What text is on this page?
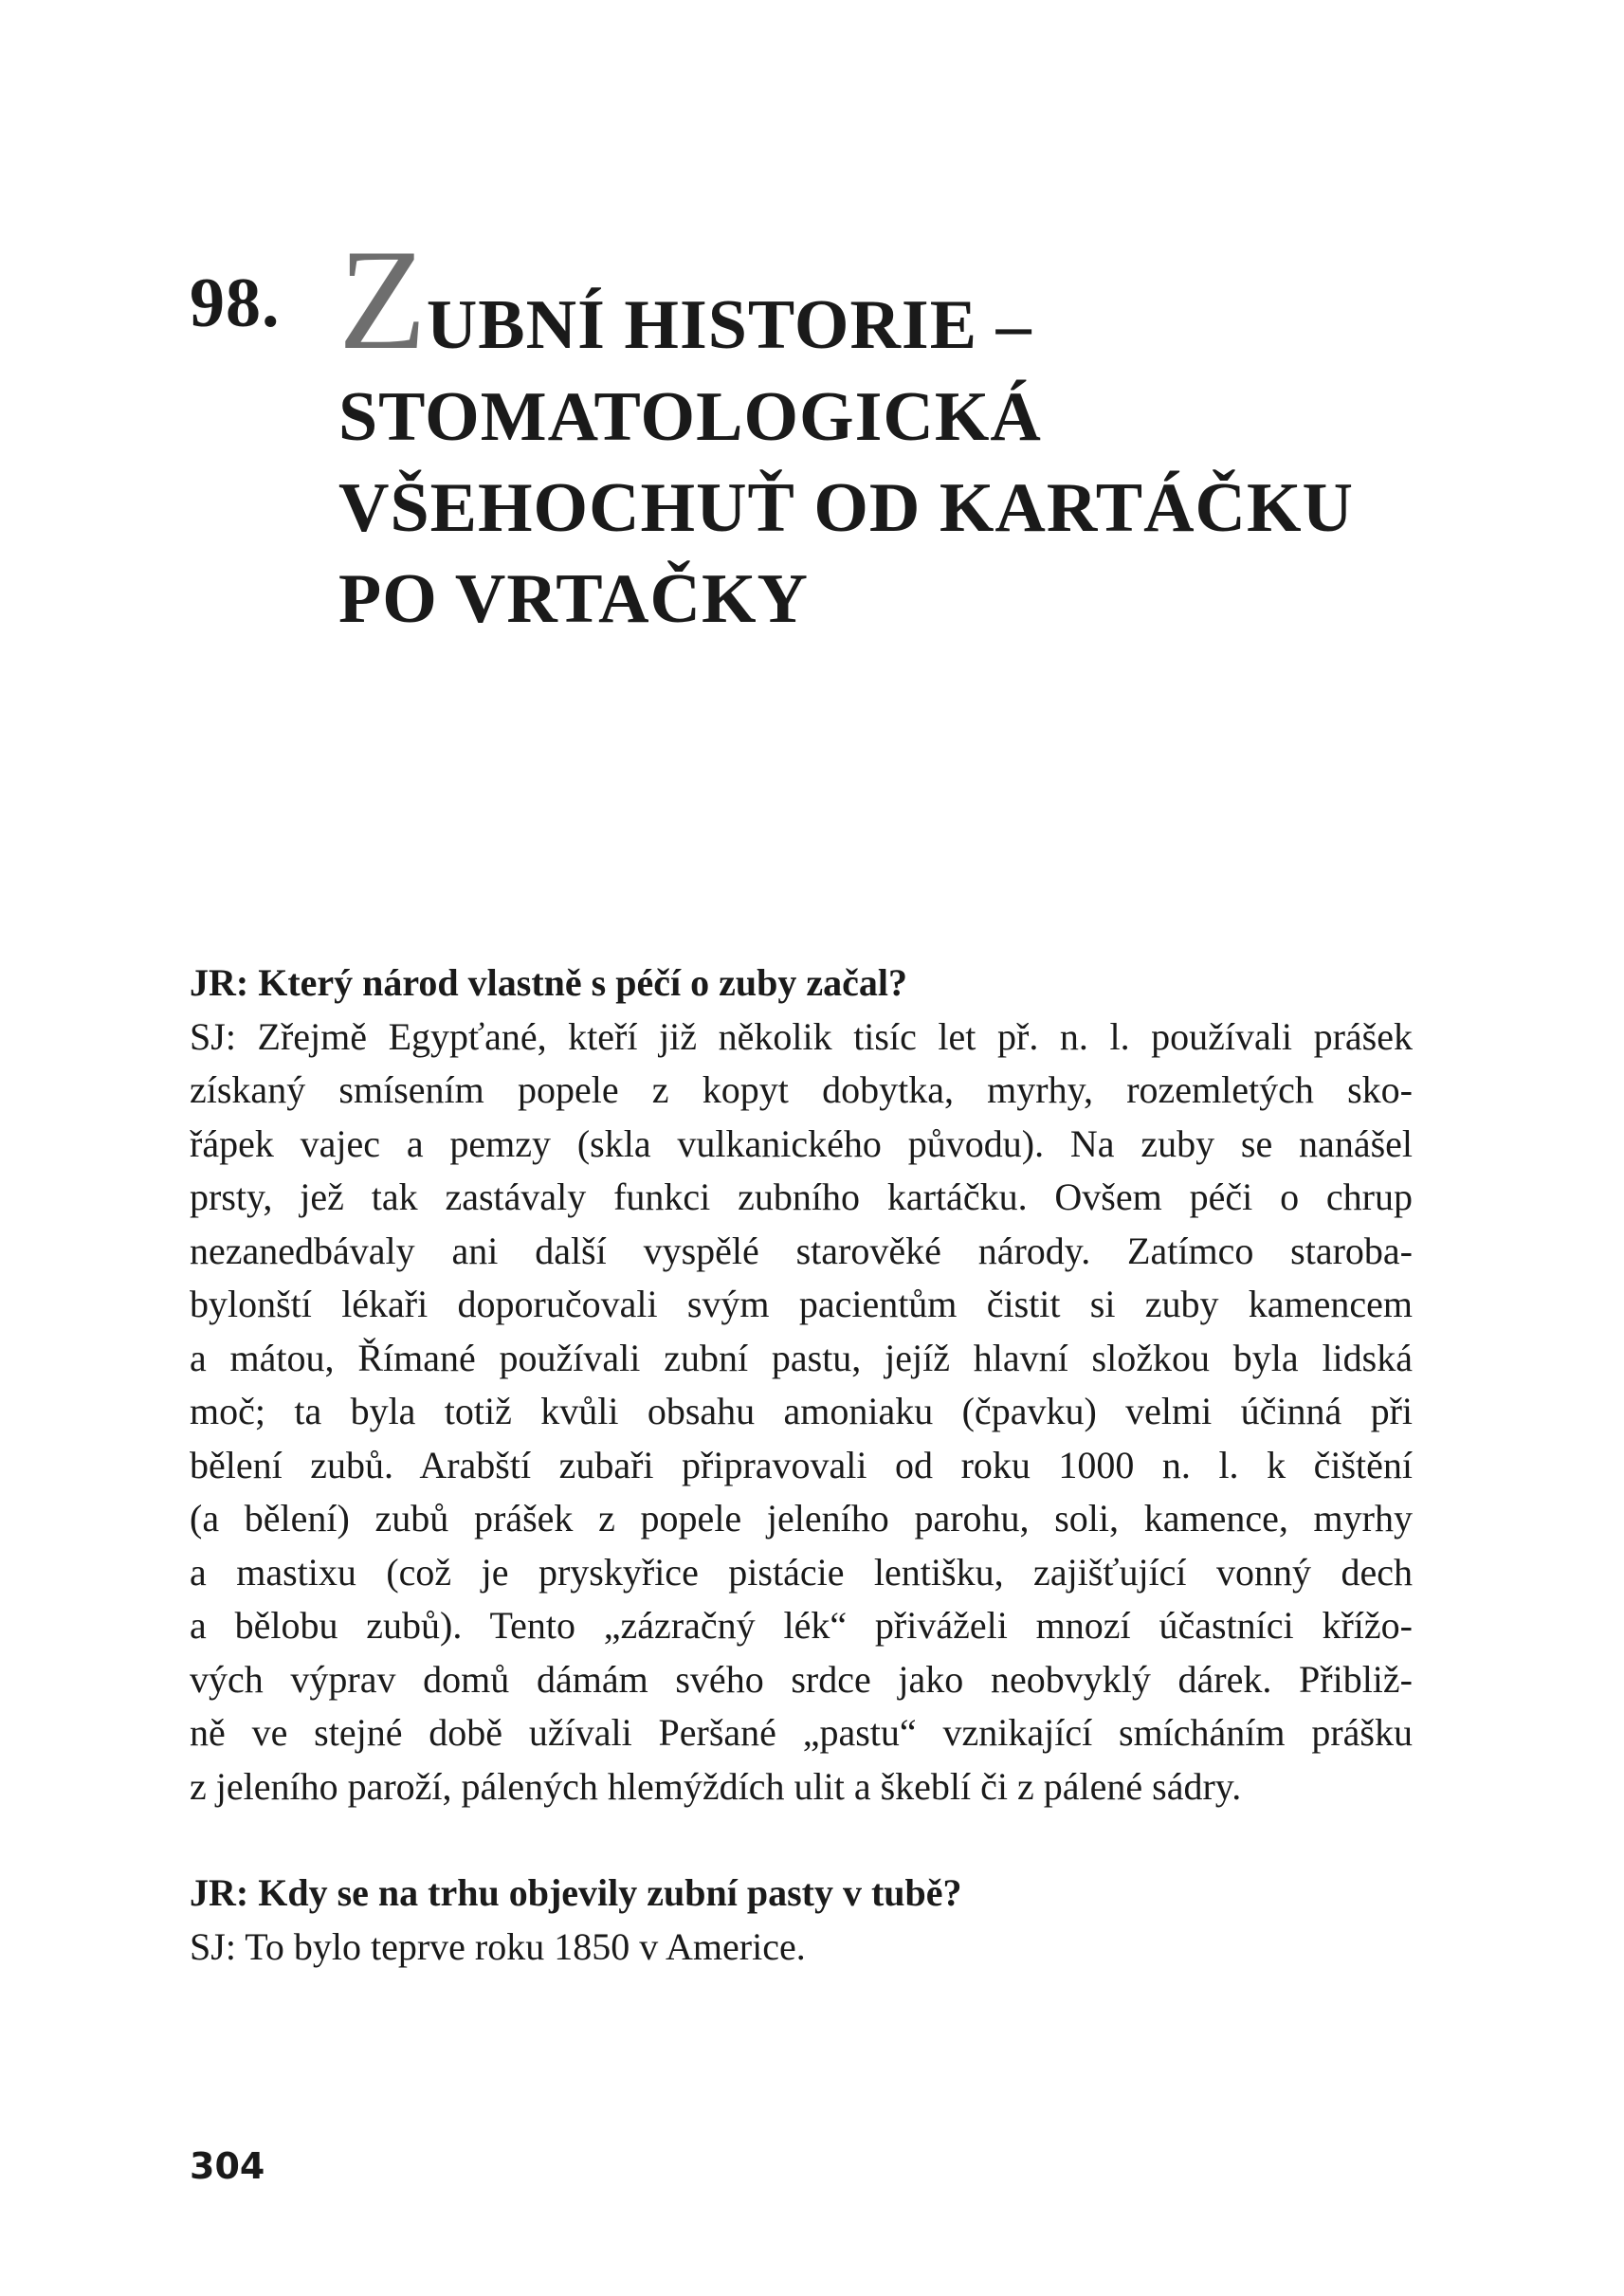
98. ZUBNÍ HISTORIE –
STOMATOLOGICKÁ
VŠEHOCHUŤ OD KARTÁČKU
PO VRTAČKY
JR: Který národ vlastně s péčí o zuby začal?
SJ: Zřejmě Egypťané, kteří již několik tisíc let př. n. l. používali prášek
získaný smísením popele z kopyt dobytka, myrhy, rozemletých sko-
řápek vajec a pemzy (skla vulkanického původu). Na zuby se nanášel
prsty, jež tak zastávaly funkci zubního kartáčku. Ovšem péči o chrup
nezanedbávaly ani další vyspělé starověké národy. Zatímco staroba-
bylonští lékaři doporučovali svým pacientům čistit si zuby kamencem
a mátou, Římané používali zubní pastu, jejíž hlavní složkou byla lidská
moč; ta byla totiž kvůli obsahu amoniaku (čpavku) velmi účinná při
bělení zubů. Arabští zubaři připravovali od roku 1000 n. l. k čištění
(a bělení) zubů prášek z popele jeleního parohu, soli, kamence, myrhy
a mastixu (což je pryskyřice pistácie lentišku, zajišťující vonný dech
a bělobu zubů). Tento „zázračný lék“ přiváželi mnozí účastníci křížo-
vých výprav domů dámám svého srdce jako neobvyklý dárek. Přibliž-
ně ve stejné době užívali Peršané „pastu“ vznikající smícháním prášku
z jeleního paroží, pálených hlemýždích ulit a škeblí či z pálené sádry.
JR: Kdy se na trhu objevily zubní pasty v tubě?
SJ: To bylo teprve roku 1850 v Americe.
304
